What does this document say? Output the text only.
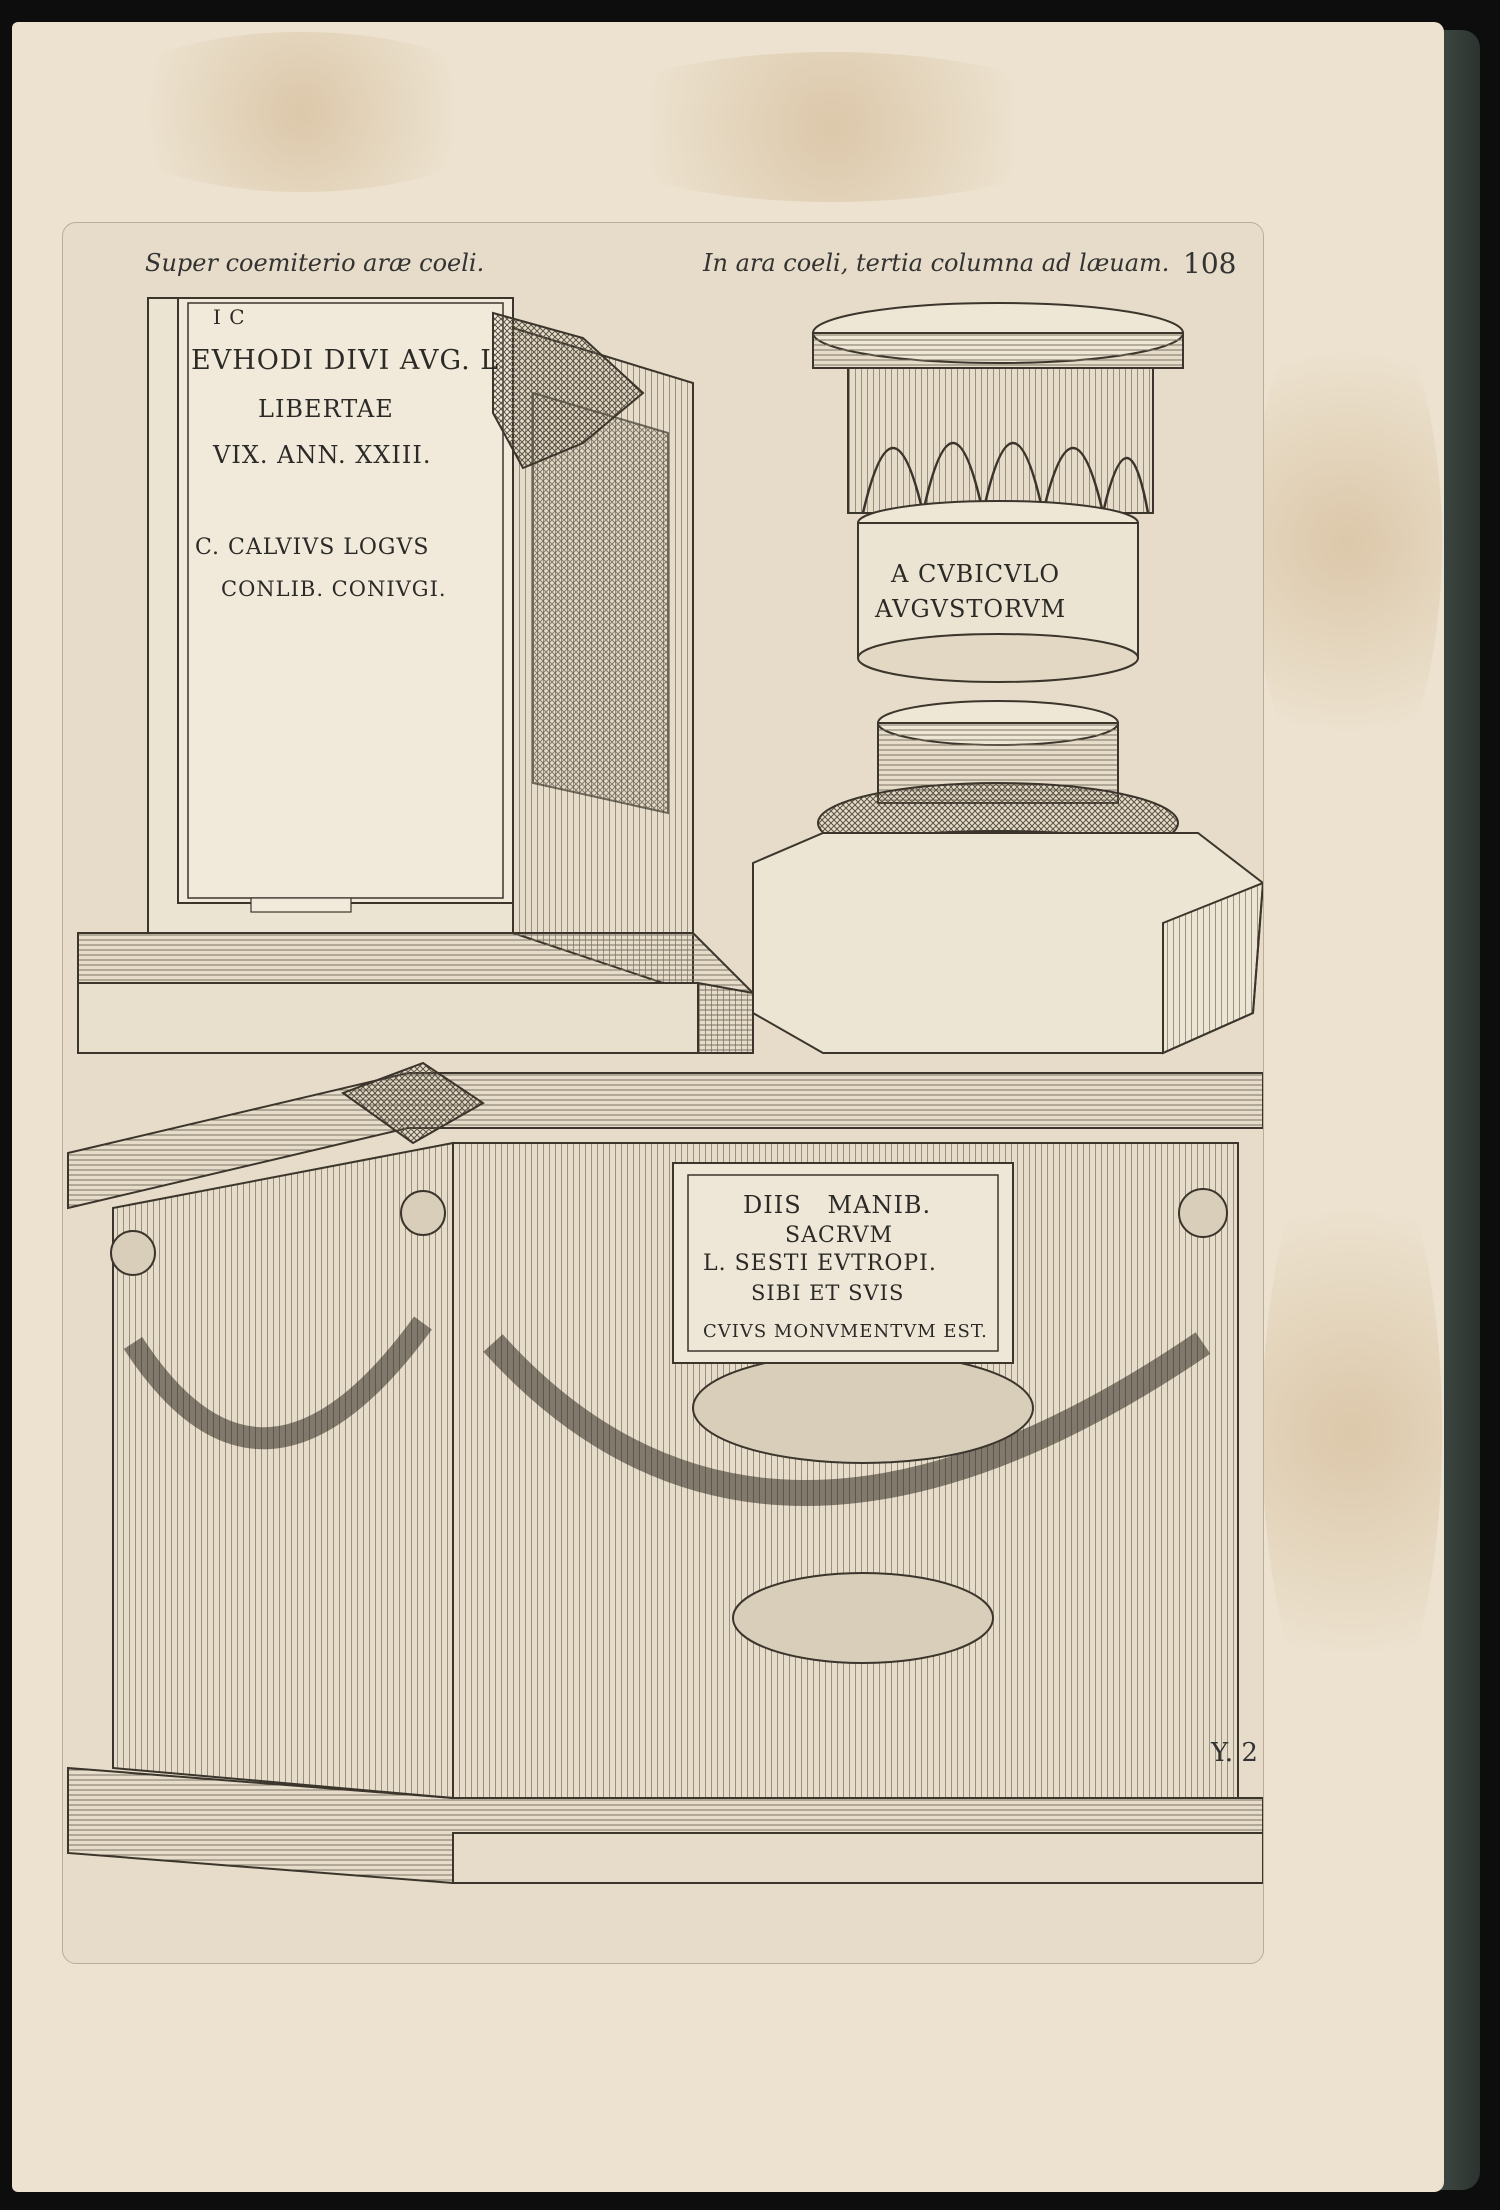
Super coemiterio aræ coeli.	In ara coeli, tertia columna ad læuam. 108
I C
EVHODI DIVI AVG. L
LIBERTAE
VIX. ANN. XXIII.
C. CALVIVS LOGVS
CONLIB. CONIVGI.
A CVBICVLO
AVGVSTORVM
DIIS   MANIB.
SACRVM
L. SESTI EVTROPI.
SIBI ET SVIS
CVIVS MONVMENTVM EST.
Y. 2
